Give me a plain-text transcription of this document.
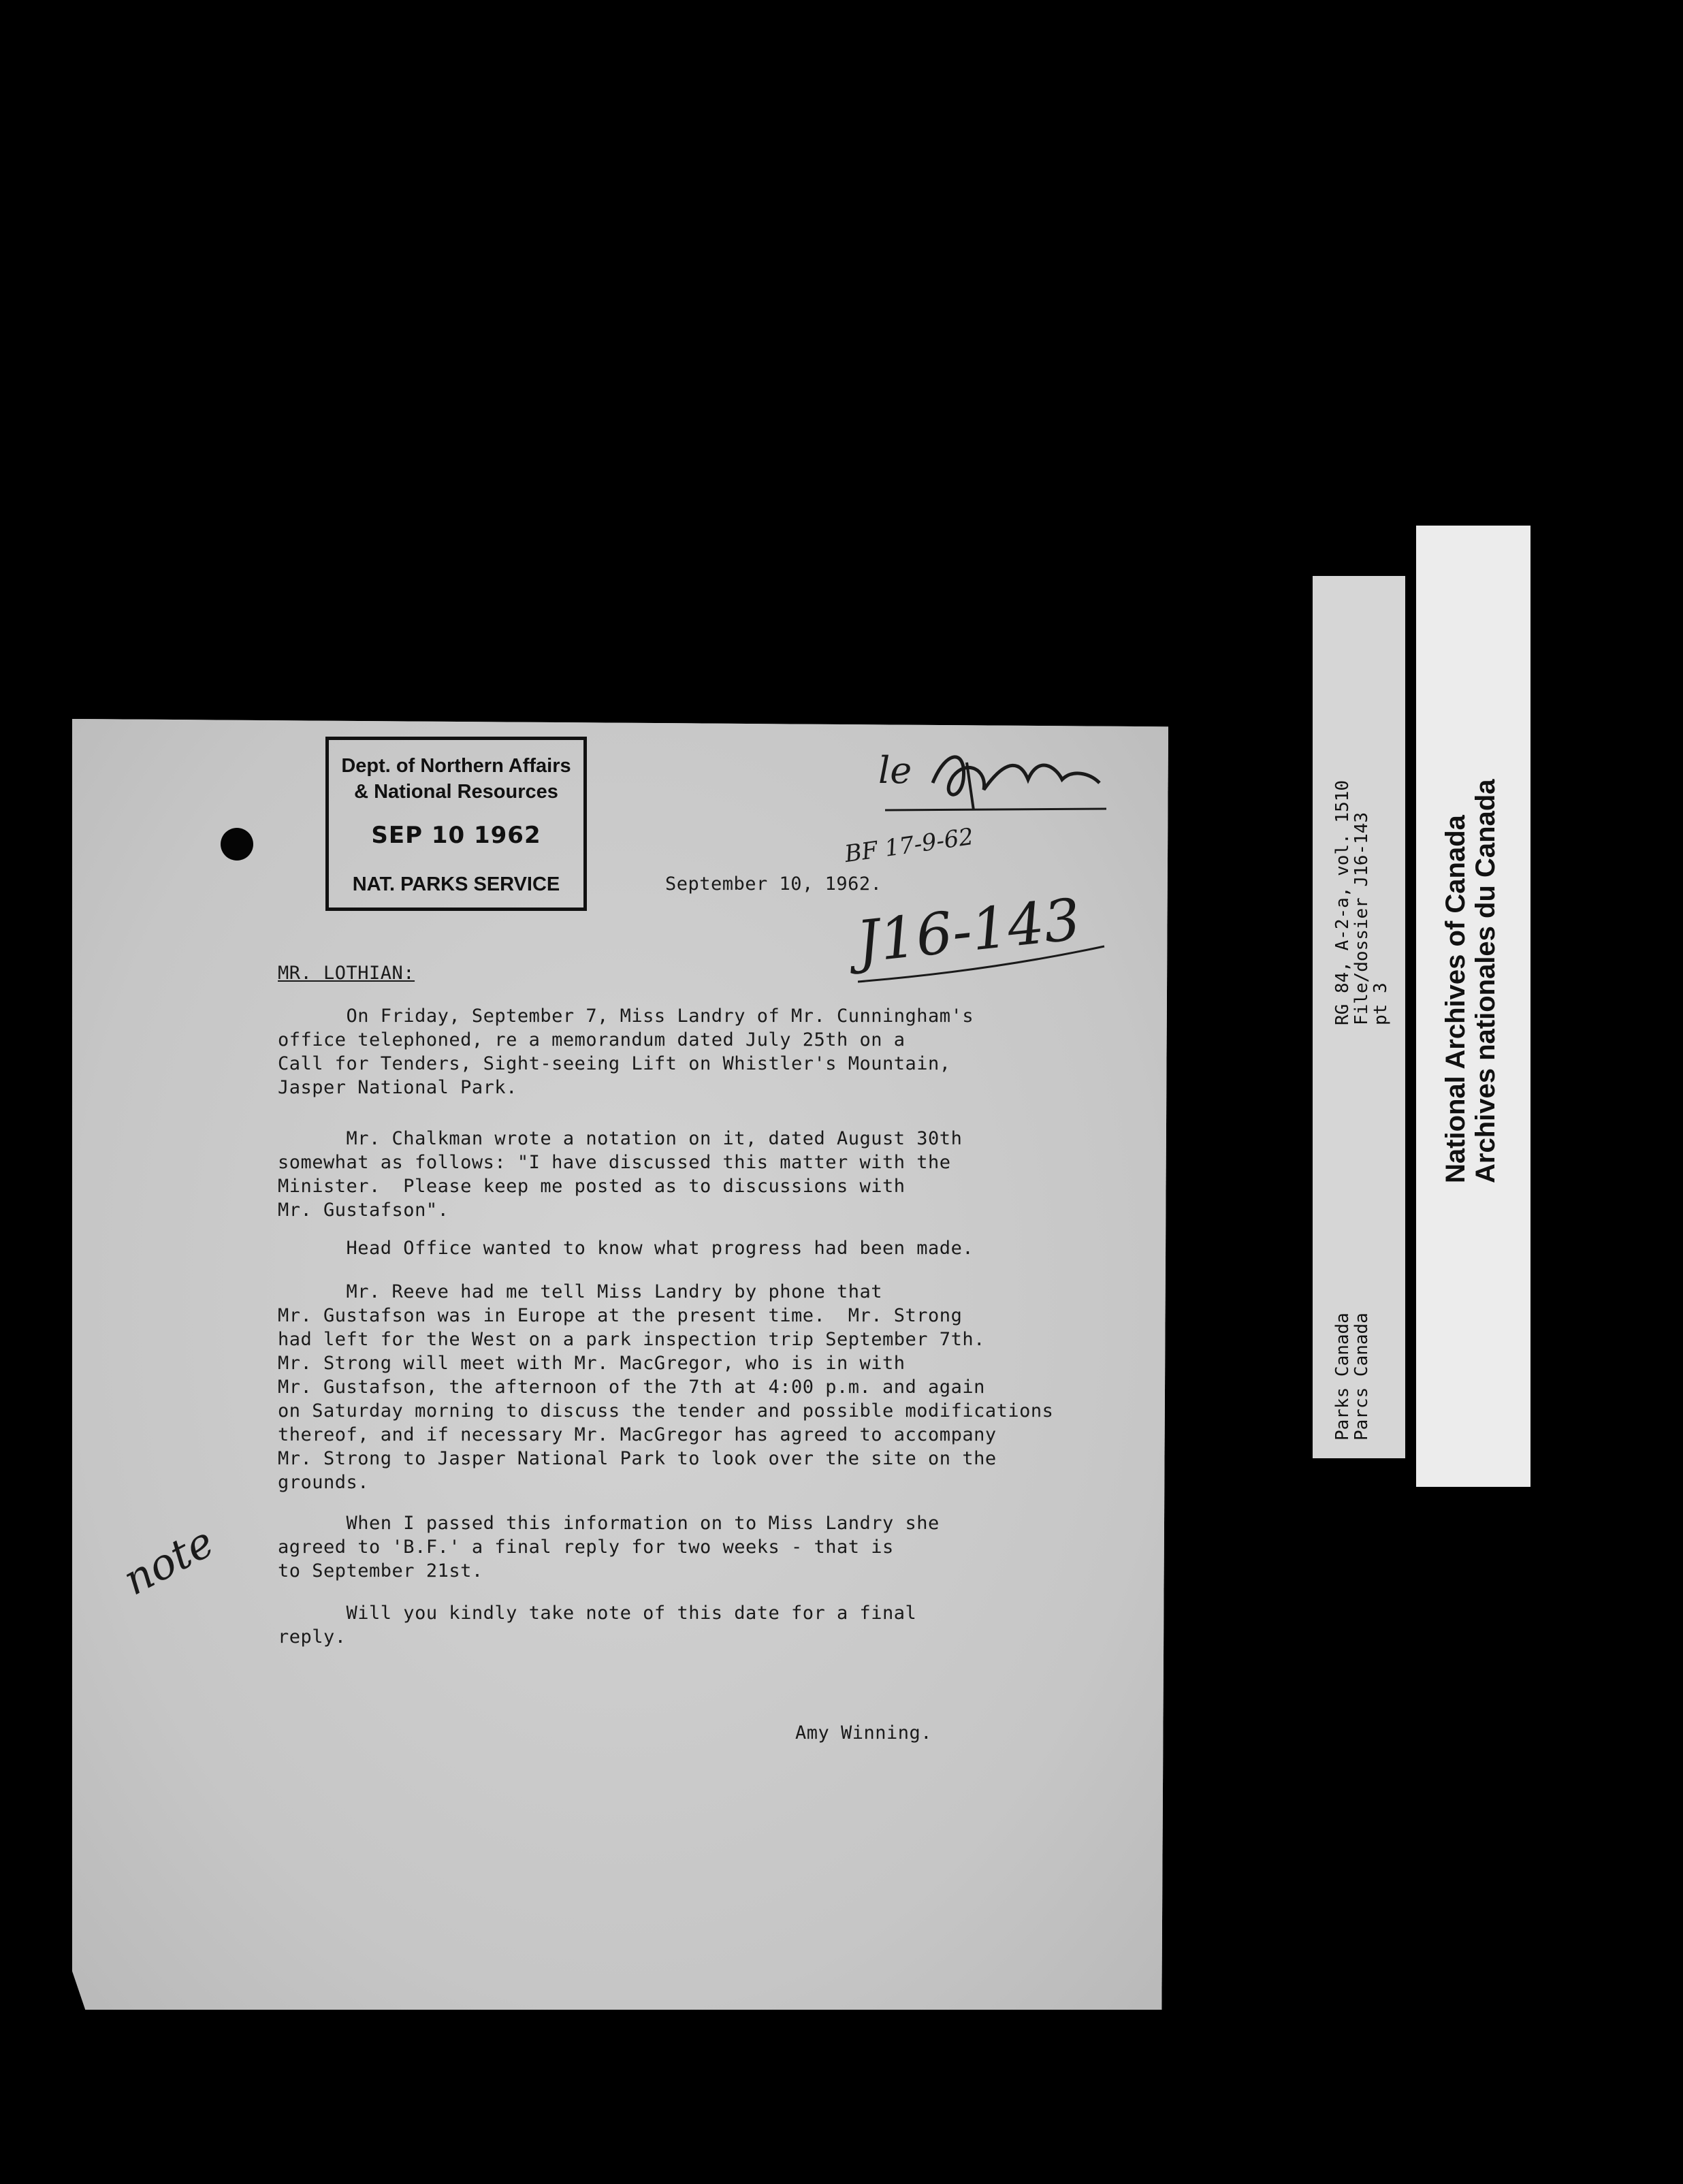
Dept. of Northern Affairs
& National Resources
SEP 10 1962
NAT. PARKS SERVICE
le
BF 17-9-62
J16-143
note
September 10, 1962.
MR. LOTHIAN:
On Friday, September 7, Miss Landry of Mr. Cunningham's
office telephoned, re a memorandum dated July 25th on a
Call for Tenders, Sight-seeing Lift on Whistler's Mountain,
Jasper National Park.
Mr. Chalkman wrote a notation on it, dated August 30th
somewhat as follows: "I have discussed this matter with the
Minister.  Please keep me posted as to discussions with
Mr. Gustafson".
Head Office wanted to know what progress had been made.
Mr. Reeve had me tell Miss Landry by phone that
Mr. Gustafson was in Europe at the present time.  Mr. Strong
had left for the West on a park inspection trip September 7th.
Mr. Strong will meet with Mr. MacGregor, who is in with
Mr. Gustafson, the afternoon of the 7th at 4:00 p.m. and again
on Saturday morning to discuss the tender and possible modifications
thereof, and if necessary Mr. MacGregor has agreed to accompany
Mr. Strong to Jasper National Park to look over the site on the
grounds.
When I passed this information on to Miss Landry she
agreed to 'B.F.' a final reply for two weeks - that is
to September 21st.
Will you kindly take note of this date for a final
reply.
Amy Winning.
RG 84, A-2-a, vol. 1510
File/dossier J16-143
pt 3
Parks Canada
Parcs Canada
National Archives of Canada Archives nationales du Canada
